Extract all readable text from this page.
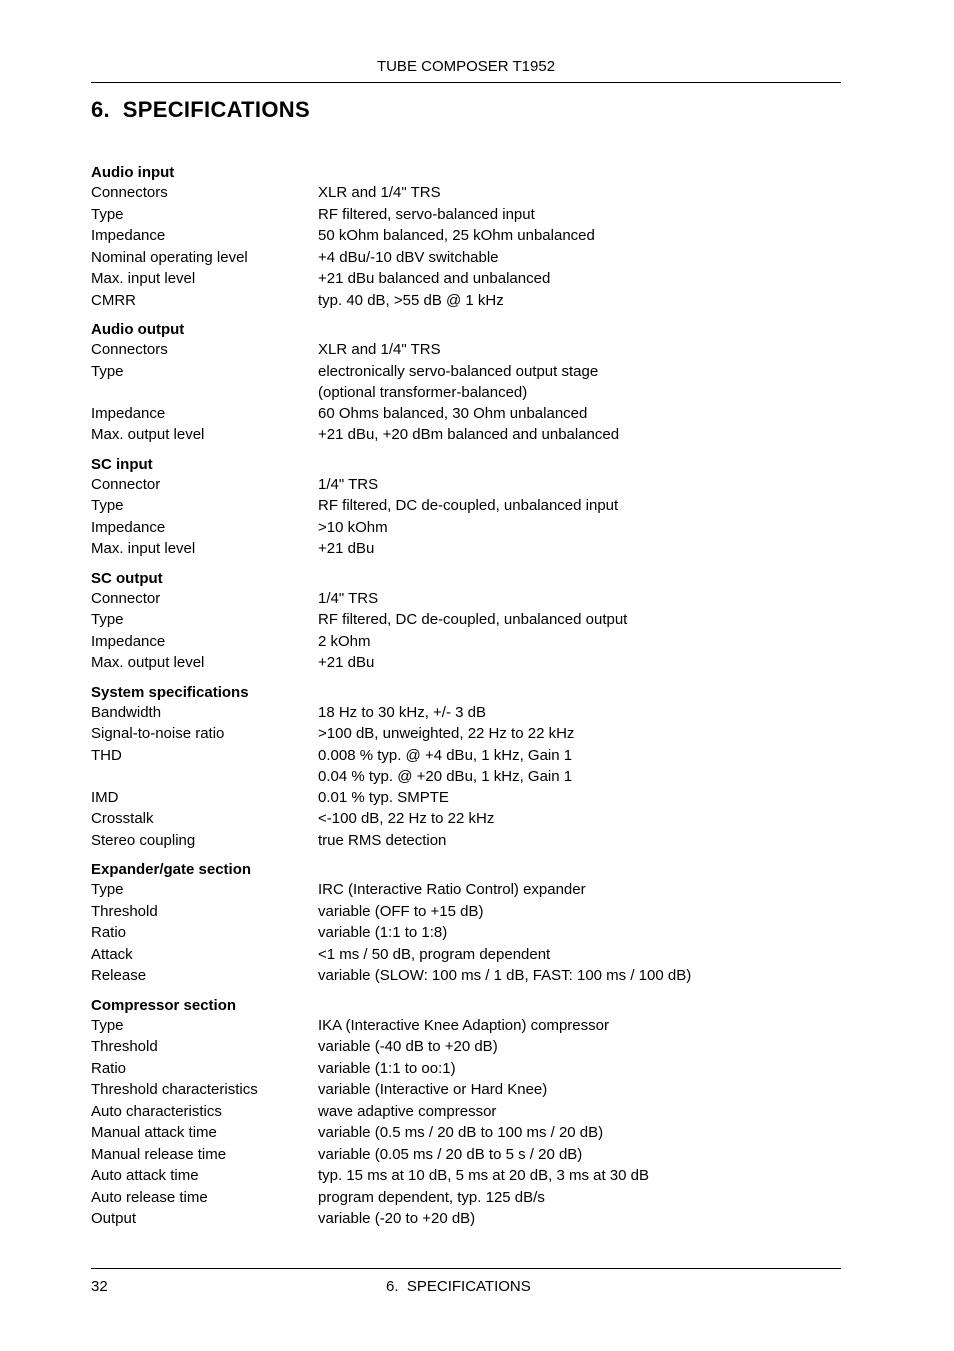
TUBE COMPOSER T1952
6.  SPECIFICATIONS
Audio input
Connectors	XLR and 1/4" TRS
Type	RF filtered, servo-balanced input
Impedance	50 kOhm balanced, 25 kOhm unbalanced
Nominal operating level	+4 dBu/-10 dBV switchable
Max. input level	+21 dBu balanced and unbalanced
CMRR	typ. 40 dB, >55 dB @ 1 kHz
Audio output
Connectors	XLR and 1/4" TRS
Type	electronically servo-balanced output stage
(optional transformer-balanced)
Impedance	60 Ohms balanced, 30 Ohm unbalanced
Max. output level	+21 dBu, +20 dBm balanced and unbalanced
SC input
Connector	1/4" TRS
Type	RF filtered, DC de-coupled, unbalanced input
Impedance	>10 kOhm
Max. input level	+21 dBu
SC output
Connector	1/4" TRS
Type	RF filtered, DC de-coupled, unbalanced output
Impedance	2 kOhm
Max. output level	+21 dBu
System specifications
Bandwidth	18 Hz to 30 kHz, +/- 3 dB
Signal-to-noise ratio	>100 dB, unweighted, 22 Hz to 22 kHz
THD	0.008 % typ. @ +4 dBu, 1 kHz, Gain 1
0.04 % typ. @ +20 dBu, 1 kHz, Gain 1
IMD	0.01 % typ. SMPTE
Crosstalk	<-100 dB, 22 Hz to 22 kHz
Stereo coupling	true RMS detection
Expander/gate section
Type	IRC (Interactive Ratio Control) expander
Threshold	variable (OFF to +15 dB)
Ratio	variable (1:1 to 1:8)
Attack	<1 ms / 50 dB, program dependent
Release	variable (SLOW: 100 ms / 1 dB, FAST: 100 ms / 100 dB)
Compressor section
Type	IKA (Interactive Knee Adaption) compressor
Threshold	variable (-40 dB to +20 dB)
Ratio	variable (1:1 to oo:1)
Threshold characteristics	variable (Interactive or Hard Knee)
Auto characteristics	wave adaptive compressor
Manual attack time	variable (0.5 ms / 20 dB to 100 ms / 20 dB)
Manual release time	variable (0.05 ms / 20 dB to 5 s / 20 dB)
Auto attack time	typ. 15 ms at 10 dB, 5 ms at 20 dB, 3 ms at 30 dB
Auto release time	program dependent, typ. 125 dB/s
Output	variable (-20 to +20 dB)
32	6.  SPECIFICATIONS
